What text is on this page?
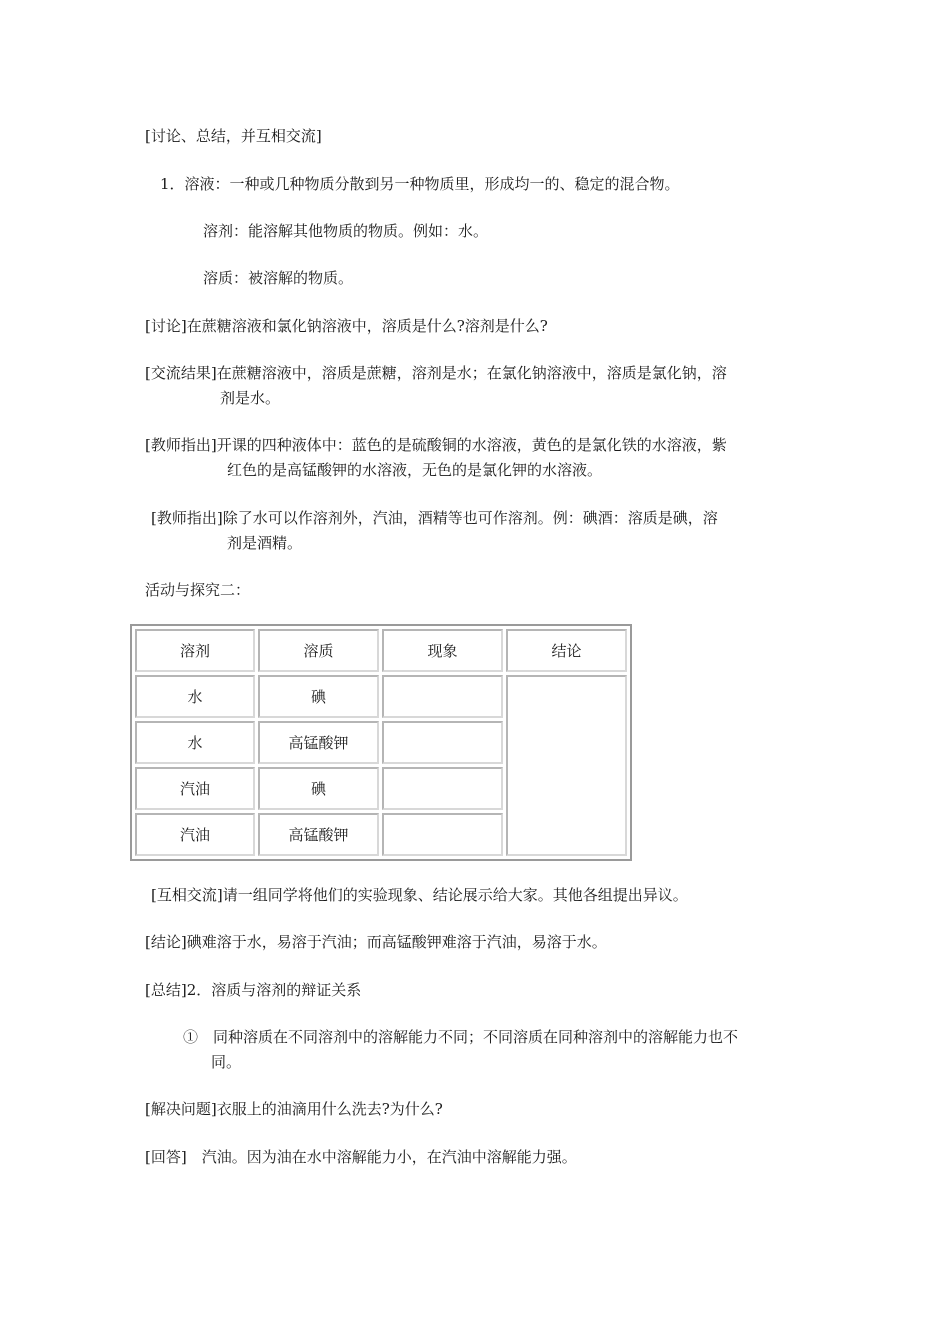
[讨论、总结，并互相交流]
1．溶液：一种或几种物质分散到另一种物质里，形成均一的、稳定的混合物。
溶剂：能溶解其他物质的物质。例如：水。
溶质：被溶解的物质。
[讨论]在蔗糖溶液和氯化钠溶液中，溶质是什么?溶剂是什么?
[交流结果]在蔗糖溶液中，溶质是蔗糖，溶剂是水；在氯化钠溶液中，溶质是氯化钠，溶
剂是水。
[教师指出]开课的四种液体中：蓝色的是硫酸铜的水溶液，黄色的是氯化铁的水溶液，紫
红色的是高锰酸钾的水溶液，无色的是氯化钾的水溶液。
[教师指出]除了水可以作溶剂外，汽油，酒精等也可作溶剂。例：碘酒：溶质是碘，溶
剂是酒精。
活动与探究二：
溶剂	溶质	现象	结论
水	碘		
水	高锰酸钾		
汽油	碘		
汽油	高锰酸钾		
[互相交流]请一组同学将他们的实验现象、结论展示给大家。其他各组提出异议。
[结论]碘难溶于水，易溶于汽油；而高锰酸钾难溶于汽油，易溶于水。
[总结]2．溶质与溶剂的辩证关系
①　同种溶质在不同溶剂中的溶解能力不同；不同溶质在同种溶剂中的溶解能力也不
同。
[解决问题]衣服上的油滴用什么洗去?为什么?
[回答]　汽油。因为油在水中溶解能力小，在汽油中溶解能力强。
